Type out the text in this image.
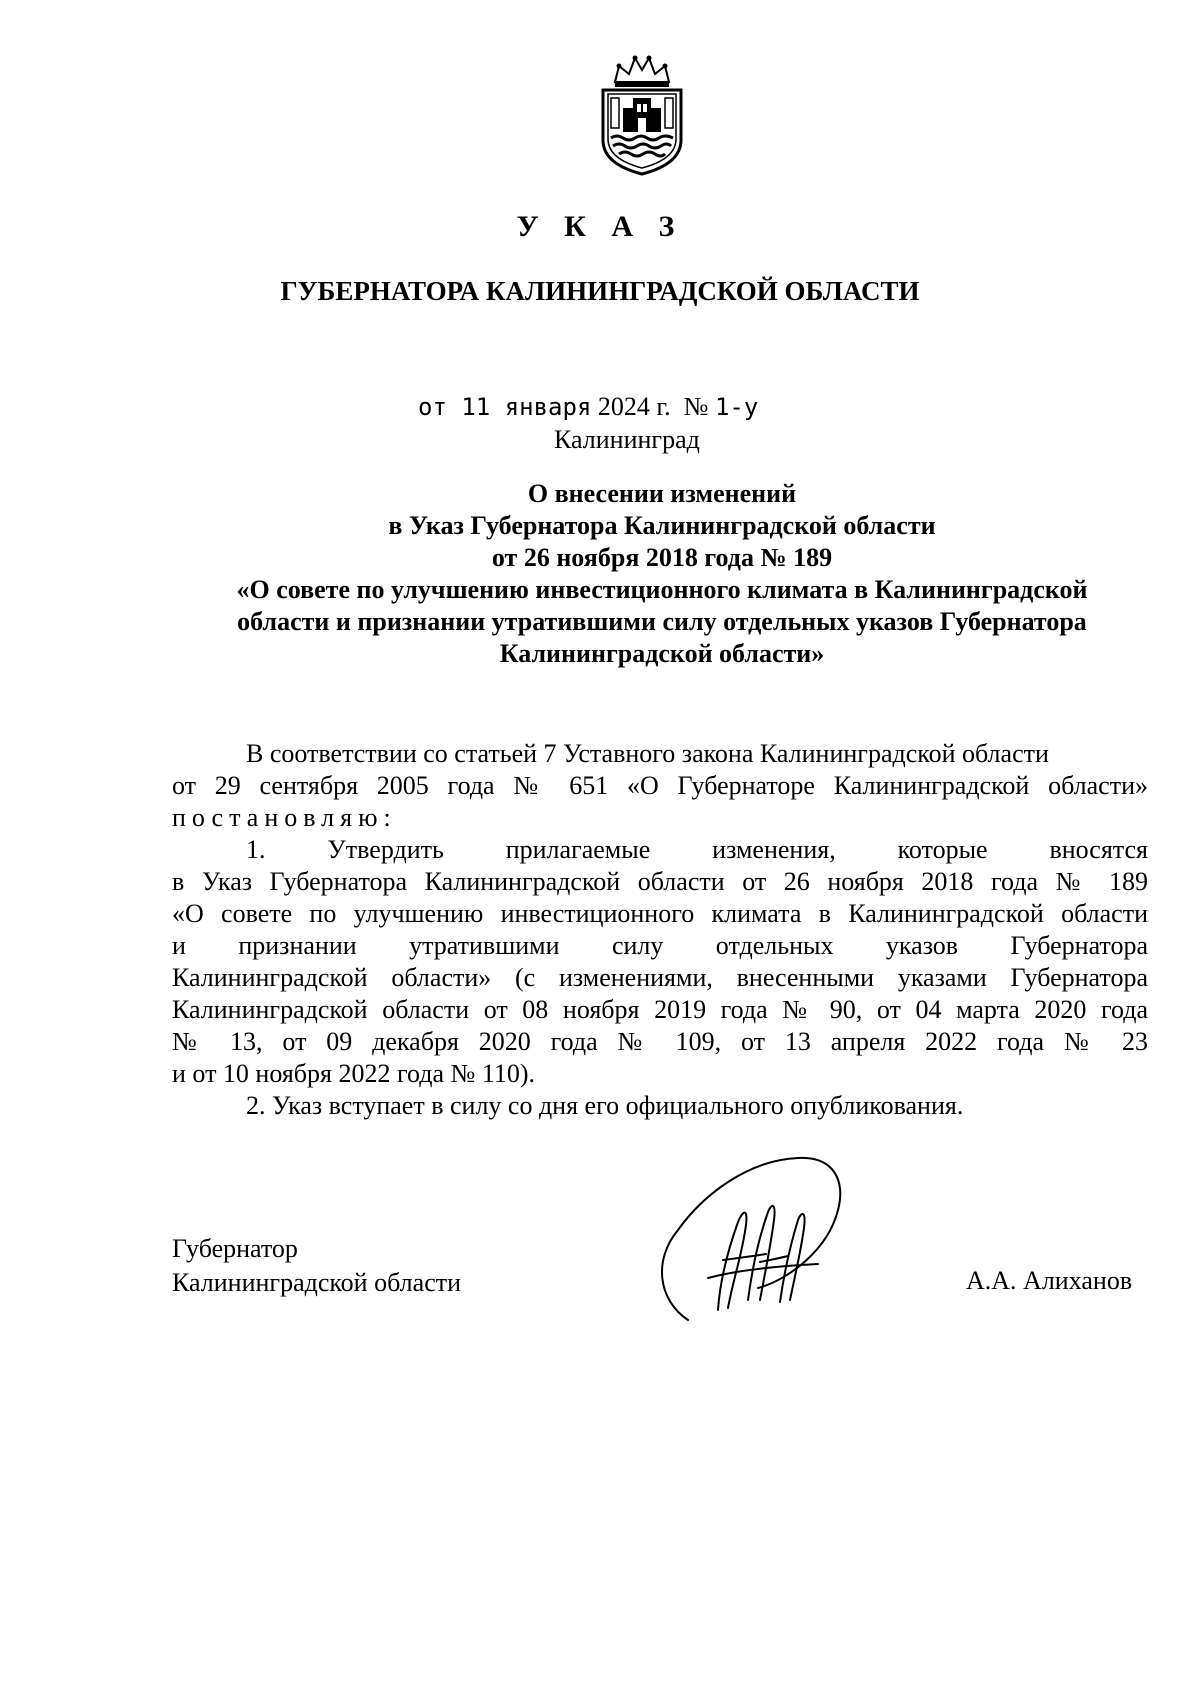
У К А З
ГУБЕРНАТОРА КАЛИНИНГРАДСКОЙ ОБЛАСТИ
от 11 января 2024 г. № 1-у
Калининград
О внесении изменений
в Указ Губернатора Калининградской области
от 26 ноября 2018 года № 189
«О совете по улучшению инвестиционного климата в Калининградской
области и признании утратившими силу отдельных указов Губернатора
Калининградской области»
В соответствии со статьей 7 Уставного закона Калининградской области
от 29 сентября 2005 года № 651 «О Губернаторе Калининградской области»
постановляю:
1. Утвердить прилагаемые изменения, которые вносятся
в Указ Губернатора Калининградской области от 26 ноября 2018 года № 189
«О совете по улучшению инвестиционного климата в Калининградской области
и признании утратившими силу отдельных указов Губернатора
Калининградской области» (с изменениями, внесенными указами Губернатора
Калининградской области от 08 ноября 2019 года № 90, от 04 марта 2020 года
№ 13, от 09 декабря 2020 года № 109, от 13 апреля 2022 года № 23
и от 10 ноября 2022 года № 110).
2. Указ вступает в силу со дня его официального опубликования.
Губернатор
Калининградской области	А.А. Алиханов
